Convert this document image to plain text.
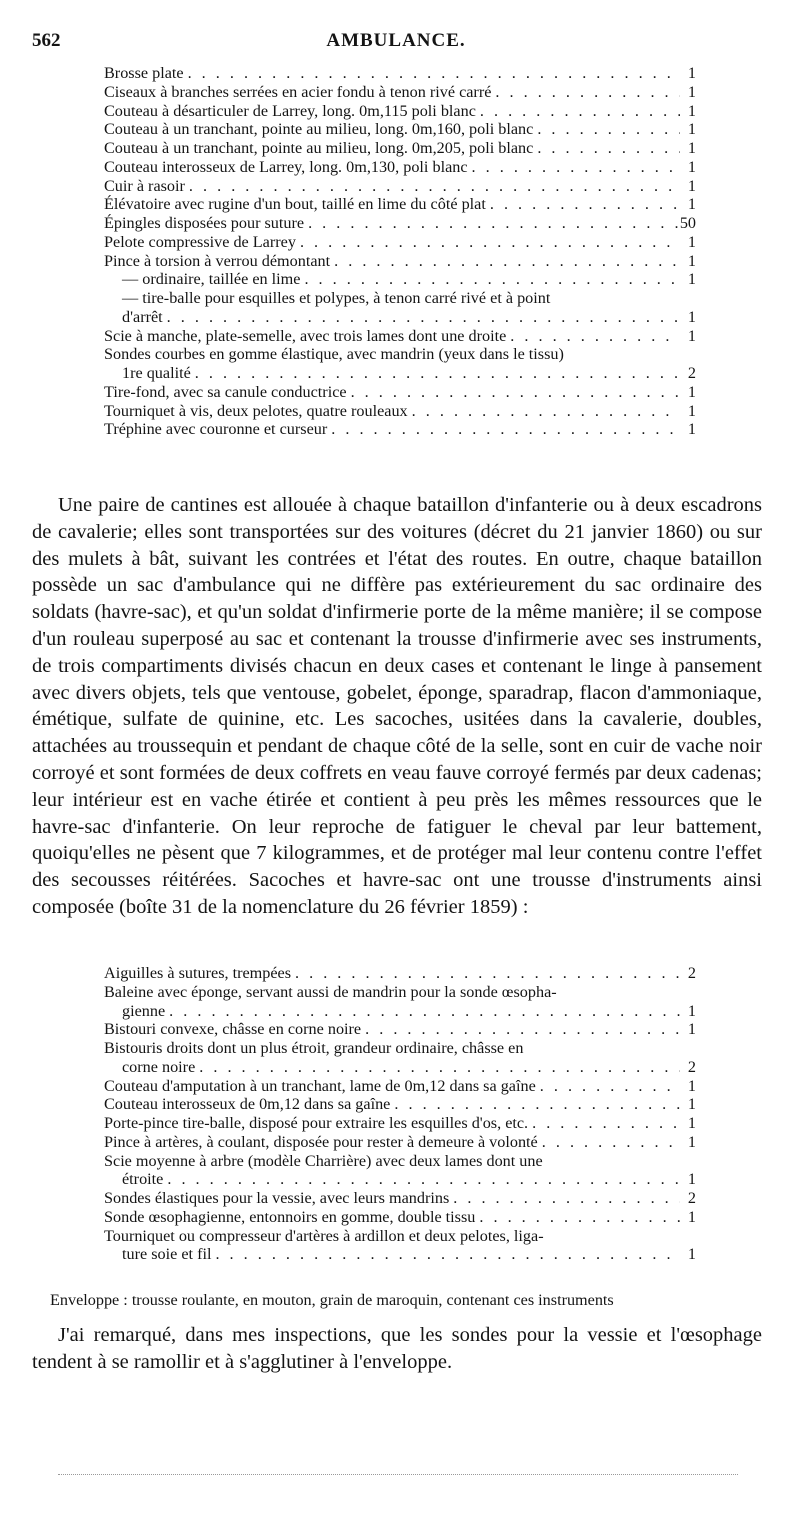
562	AMBULANCE.
Brosse plate . . .	1
Ciseaux à branches serrées en acier fondu à tenon rivé carré . . .	1
Couteau à désarticuler de Larrey, long. 0m,115 poli blanc . . .	1
Couteau à un tranchant, pointe au milieu, long. 0m,160, poli blanc . . .	1
Couteau à un tranchant, pointe au milieu, long. 0m,205, poli blanc . . .	1
Couteau interosseux de Larrey, long. 0m,130, poli blanc . . .	1
Cuir à rasoir . . .	1
Élévatoire avec rugine d'un bout, taillé en lime du côté plat . . .	1
Épingles disposées pour suture . . .	50
Pelote compressive de Larrey . . .	1
Pince à torsion à verrou démontant . . .	1
— ordinaire, taillée en lime . . .	1
— tire-balle pour esquilles et polypes, à tenon carré rivé et à point
d'arrêt . . .	1
Scie à manche, plate-semelle, avec trois lames dont une droite . . .	1
Sondes courbes en gomme élastique, avec mandrin (yeux dans le tissu)
1re qualité . . .	2
Tire-fond, avec sa canule conductrice . . .	1
Tourniquet à vis, deux pelotes, quatre rouleaux . . .	1
Tréphine avec couronne et curseur . . .	1

Une paire de cantines est allouée à chaque bataillon d'infanterie ou à deux escadrons de cavalerie; elles sont transportées sur des voitures (décret du 21 janvier 1860) ou sur des mulets à bât, suivant les contrées et l'état des routes. En outre, chaque bataillon possède un sac d'ambulance qui ne diffère pas extérieurement du sac ordinaire des soldats (havre-sac), et qu'un soldat d'infirmerie porte de la même manière; il se compose d'un rouleau superposé au sac et contenant la trousse d'infirmerie avec ses instruments, de trois compartiments divisés chacun en deux cases et contenant le linge à pansement avec divers objets, tels que ventouse, gobelet, éponge, sparadrap, flacon d'ammoniaque, émétique, sulfate de quinine, etc. Les sacoches, usitées dans la cavalerie, doubles, attachées au troussequin et pendant de chaque côté de la selle, sont en cuir de vache noir corroyé et sont formées de deux coffrets en veau fauve corroyé fermés par deux cadenas; leur intérieur est en vache étirée et contient à peu près les mêmes ressources que le havre-sac d'infanterie. On leur reproche de fatiguer le cheval par leur battement, quoiqu'elles ne pèsent que 7 kilogrammes, et de protéger mal leur contenu contre l'effet des secousses réitérées. Sacoches et havre-sac ont une trousse d'instruments ainsi composée (boîte 31 de la nomenclature du 26 février 1859) :

Aiguilles à sutures, trempées . . .	2
Baleine avec éponge, servant aussi de mandrin pour la sonde œsopha-
gienne . . .	1
Bistouri convexe, châsse en corne noire . . .	1
Bistouris droits dont un plus étroit, grandeur ordinaire, châsse en
corne noire . . .	2
Couteau d'amputation à un tranchant, lame de 0m,12 dans sa gaîne . . .	1
Couteau interosseux de 0m,12 dans sa gaîne . . .	1
Porte-pince tire-balle, disposé pour extraire les esquilles d'os, etc. . . .	1
Pince à artères, à coulant, disposée pour rester à demeure à volonté . . .	1
Scie moyenne à arbre (modèle Charrière) avec deux lames dont une
étroite . . .	1
Sondes élastiques pour la vessie, avec leurs mandrins . . .	2
Sonde œsophagienne, entonnoirs en gomme, double tissu . . .	1
Tourniquet ou compresseur d'artères à ardillon et deux pelotes, liga-
ture soie et fil . . .	1
Enveloppe : trousse roulante, en mouton, grain de maroquin, contenant ces instruments

J'ai remarqué, dans mes inspections, que les sondes pour la vessie et l'œsophage tendent à se ramollir et à s'agglutiner à l'enveloppe.
